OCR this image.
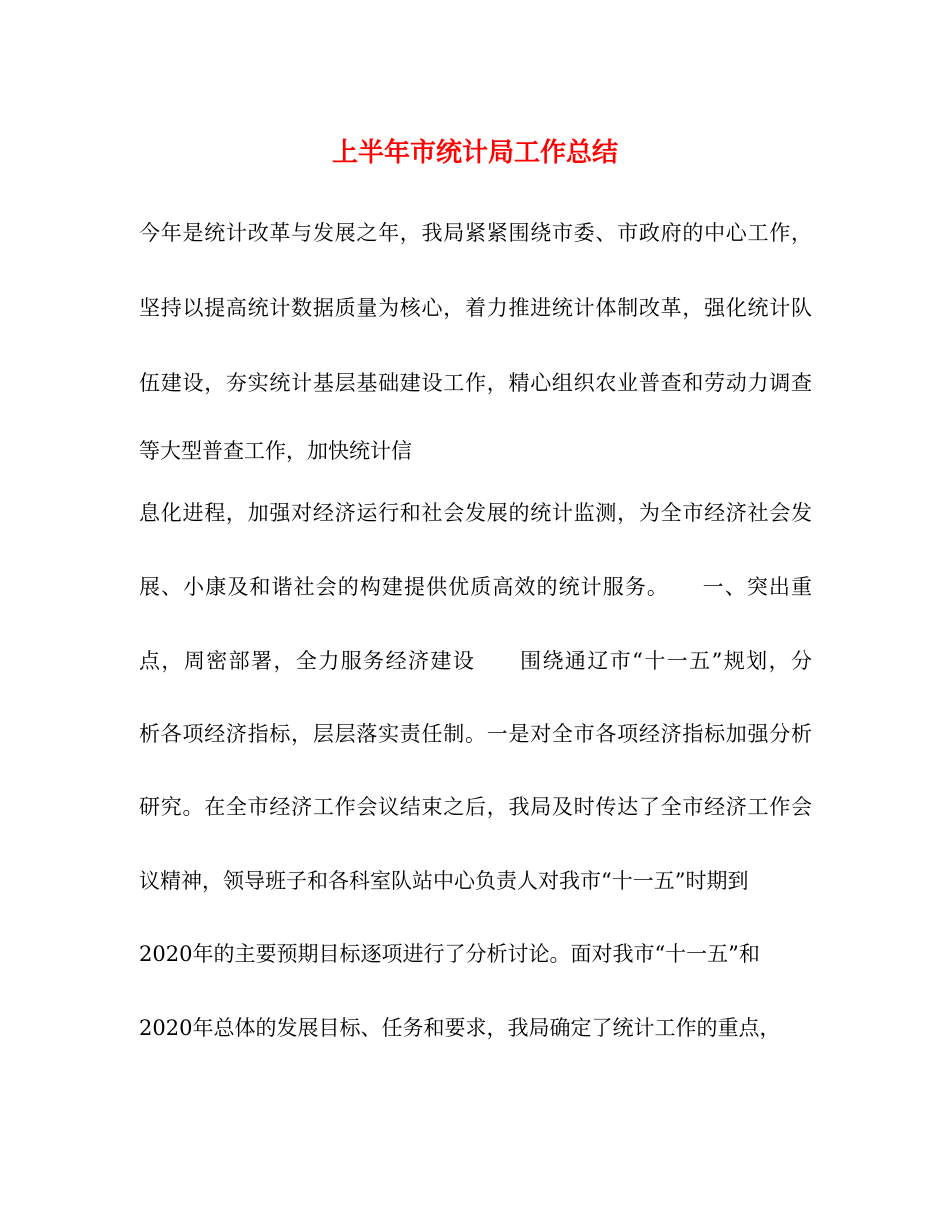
上半年市统计局工作总结
今年是统计改革与发展之年，我局紧紧围绕市委、市政府的中心工作，
坚持以提高统计数据质量为核心，着力推进统计体制改革，强化统计队
伍建设，夯实统计基层基础建设工作，精心组织农业普查和劳动力调查
等大型普查工作，加快统计信
息化进程，加强对经济运行和社会发展的统计监测，为全市经济社会发
展、小康及和谐社会的构建提供优质高效的统计服务。　　一、突出重
点，周密部署，全力服务经济建设　　围绕通辽市“十一五”规划，分
析各项经济指标，层层落实责任制。一是对全市各项经济指标加强分析
研究。在全市经济工作会议结束之后，我局及时传达了全市经济工作会
议精神，领导班子和各科室队站中心负责人对我市“十一五”时期到
2020年的主要预期目标逐项进行了分析讨论。面对我市“十一五”和
2020年总体的发展目标、任务和要求，我局确定了统计工作的重点，
